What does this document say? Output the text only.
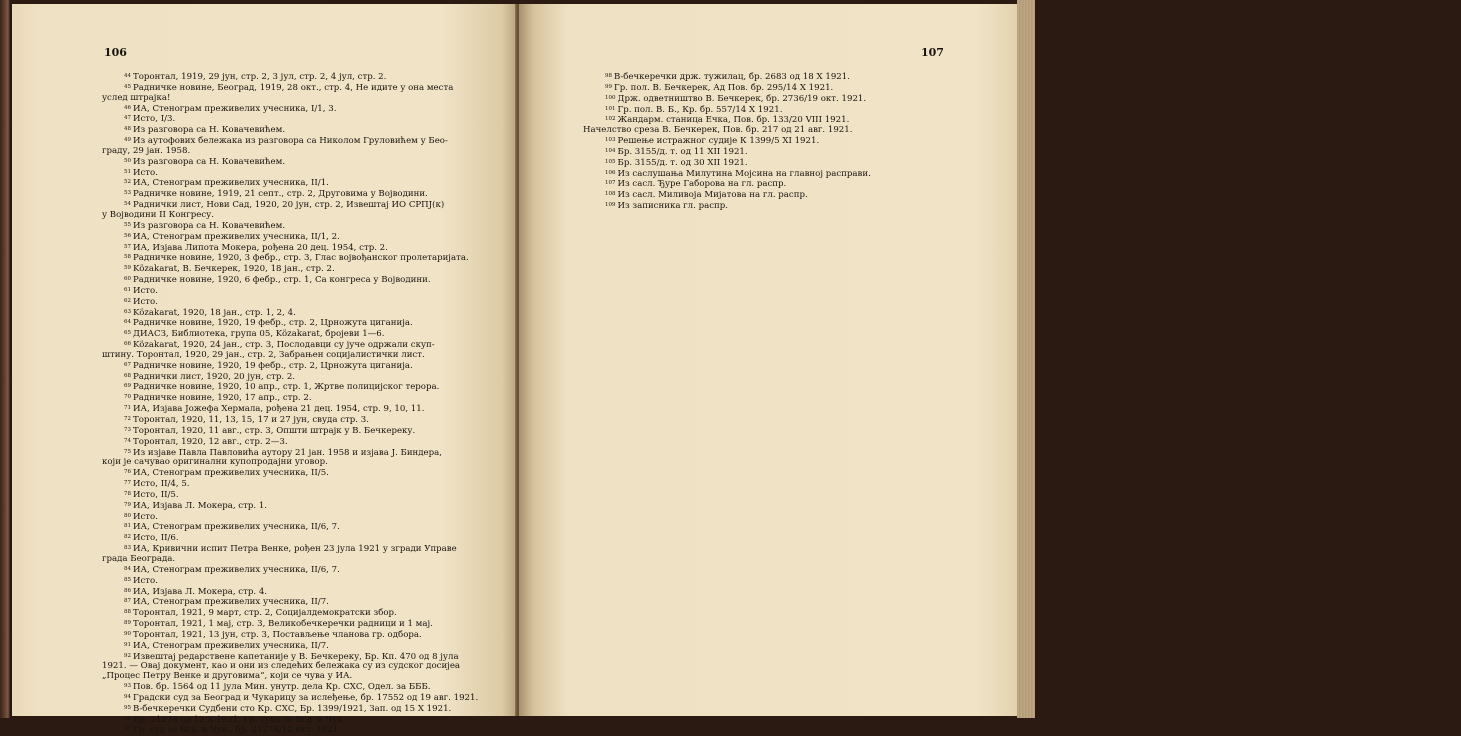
106
$^{44}$ Торонтал, 1919, 29 јун, стр. 2, 3 јул, стр. 2, 4 јул, стр. 2.
$^{45}$ Радничке новине, Београд, 1919, 28 окт., стр. 4, Не идите у она места
услед штрајка!
$^{46}$ ИА, Стенограм преживелих учесника, I/1, 3.
$^{47}$ Исто, I/3.
$^{48}$ Из разговора са Н. Ковачевићем.
$^{49}$ Из аутофових бележака из разговора са Николом Груловићем у Бео-
граду, 29 јан. 1958.
$^{50}$ Из разговора са Н. Ковачевићем.
$^{51}$ Исто.
$^{52}$ ИА, Стенограм преживелих учесника, II/1.
$^{53}$ Радничке новине, 1919, 21 септ., стр. 2, Друговима у Војводини.
$^{54}$ Раднички лист, Нови Сад, 1920, 20 јун, стр. 2, Извештај ИО СРПЈ(к)
у Војводини II Конгресу.
$^{55}$ Из разговора са Н. Ковачевићем.
$^{56}$ ИА, Стенограм преживелих учесника, II/1, 2.
$^{57}$ ИА, Изјава Липота Мокера, рођена 20 дец. 1954, стр. 2.
$^{58}$ Радничке новине, 1920, 3 фебр., стр. 3, Глас војвођанског пролетаријата.
$^{59}$ Közakarat, В. Бечкерек, 1920, 18 јан., стр. 2.
$^{60}$ Радничке новине, 1920, 6 фебр., стр. 1, Са конгреса у Војводини.
$^{61}$ Исто.
$^{62}$ Исто.
$^{63}$ Közakarat, 1920, 18 јан., стр. 1, 2, 4.
$^{64}$ Радничке новине, 1920, 19 фебр., стр. 2, Црножута циганија.
$^{65}$ ДИАСЗ, Библиотека, група 05, Közakarat, бројеви 1—6.
$^{66}$ Közakarat, 1920, 24 јан., стр. 3, Послодавци су јуче одржали скуп-
штину. Торонтал, 1920, 29 јан., стр. 2, Забрањен социјалистички лист.
$^{67}$ Радничке новине, 1920, 19 фебр., стр. 2, Црножута циганија.
$^{68}$ Раднички лист, 1920, 20 јун, стр. 2.
$^{69}$ Радничке новине, 1920, 10 апр., стр. 1, Жртве полицијског терора.
$^{70}$ Радничке новине, 1920, 17 апр., стр. 2.
$^{71}$ ИА, Изјава Јожефа Хермала, рођена 21 дец. 1954, стр. 9, 10, 11.
$^{72}$ Торонтал, 1920, 11, 13, 15, 17 и 27 јун, свуда стр. 3.
$^{73}$ Торонтал, 1920, 11 авг., стр. 3, Општи штрајк у В. Бечкереку.
$^{74}$ Торонтал, 1920, 12 авг., стр. 2—3.
$^{75}$ Из изјаве Павла Павловића аутору 21 јан. 1958 и изјава Ј. Биндера,
који је сачувао оригинални купопродајни уговор.
$^{76}$ ИА, Стенограм преживелих учесника, II/5.
$^{77}$ Исто, II/4, 5.
$^{78}$ Исто, II/5.
$^{79}$ ИА, Изјава Л. Мокера, стр. 1.
$^{80}$ Исто.
$^{81}$ ИА, Стенограм преживелих учесника, II/6, 7.
$^{82}$ Исто, II/6.
$^{83}$ ИА, Кривични испит Петра Венке, рођен 23 јула 1921 у згради Управе
града Београда.
$^{84}$ ИА, Стенограм преживелих учесника, II/6, 7.
$^{85}$ Исто.
$^{86}$ ИА, Изјава Л. Мокера, стр. 4.
$^{87}$ ИА, Стенограм преживелих учесника, II/7.
$^{88}$ Торонтал, 1921, 9 март, стр. 2, Социјалдемократски збор.
$^{89}$ Торонтал, 1921, 1 мај, стр. 3, Великобечкеречки радници и 1 мај.
$^{90}$ Торонтал, 1921, 13 јун, стр. 3, Постављење чланова гр. одбора.
$^{91}$ ИА, Стенограм преживелих учесника, II/7.
$^{92}$ Извештај редарствене капетаније у В. Бечкереку, Бр. Кп. 470 од 8 јула
1921. — Овај документ, као и они из следећих бележака су из судског досијеа
„Процес Петру Венке и друговима“, који се чува у ИА.
$^{93}$ Пов. бр. 1564 од 11 јула Мин. унутр. дела Кр. СХС, Одел. за БББ.
$^{94}$ Градски суд за Београд и Чукарицу за ислеђење, бр. 17552 од 19 авг. 1921.
$^{95}$ В-бечкеречки Судбени сто Кр. СХС, Бр. 1399/1921, Зап. од 15 Х 1921.
$^{96}$ Бр. 21278 од 12 Х 1921, Гр. суда за Бгд. и Чук.
$^{97}$ Гр. суд за Бгд. и Чук., бр. 21278/12 окт. 1921.
107
$^{98}$ В-бечкеречки држ. тужилац, бр. 2683 од 18 Х 1921.
$^{99}$ Гр. пол. В. Бечкерек, Ад Пов. бр. 295/14 Х 1921.
$^{100}$ Држ. одветништво В. Бечкерек, бр. 2736/19 окт. 1921.
$^{101}$ Гр. пол. В. Б., Кр. бр. 557/14 Х 1921.
$^{102}$ Жандарм. станица Ечка, Пов. бр. 133/20 VIII 1921.
Начелство среза В. Бечкерек, Пов. бр. 217 од 21 авг. 1921.
$^{103}$ Решење истражног судије К 1399/5 XI 1921.
$^{104}$ Бр. 3155/д. т. од 11 XII 1921.
$^{105}$ Бр. 3155/д. т. од 30 XII 1921.
$^{106}$ Из саслушања Милутина Мојсина на главној расправи.
$^{107}$ Из сасл. Ђуре Габорова на гл. распр.
$^{108}$ Из сасл. Миливоја Мијатова на гл. распр.
$^{109}$ Из записника гл. распр.
